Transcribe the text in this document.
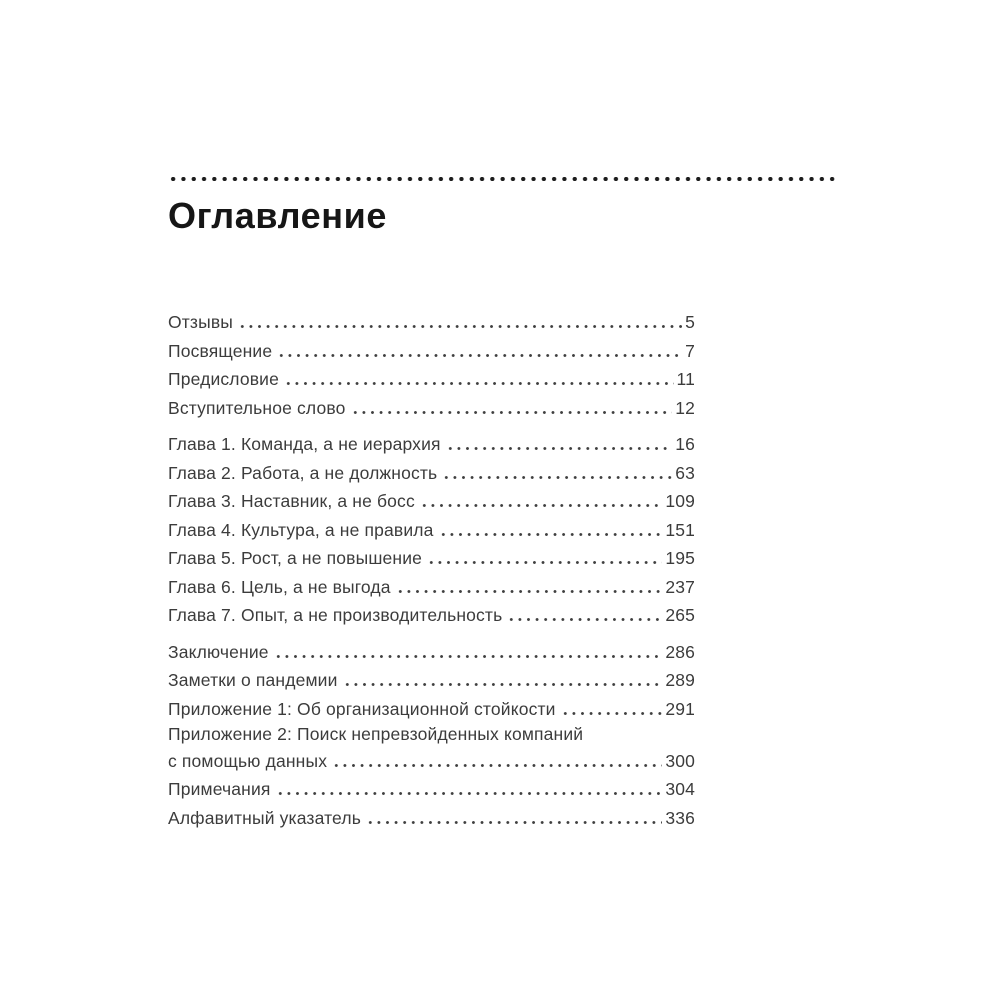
Оглавление
Отзывы	5
Посвящение	7
Предисловие	11
Вступительное слово	12
Глава 1. Команда, а не иерархия	16
Глава 2. Работа, а не должность	63
Глава 3. Наставник, а не босс	109
Глава 4. Культура, а не правила	151
Глава 5. Рост, а не повышение	195
Глава 6. Цель, а не выгода	237
Глава 7. Опыт, а не производительность	265
Заключение	286
Заметки о пандемии	289
Приложение 1: Об организационной стойкости	291
Приложение 2: Поиск непревзойденных компаний
с помощью данных	300
Примечания	304
Алфавитный указатель	336
